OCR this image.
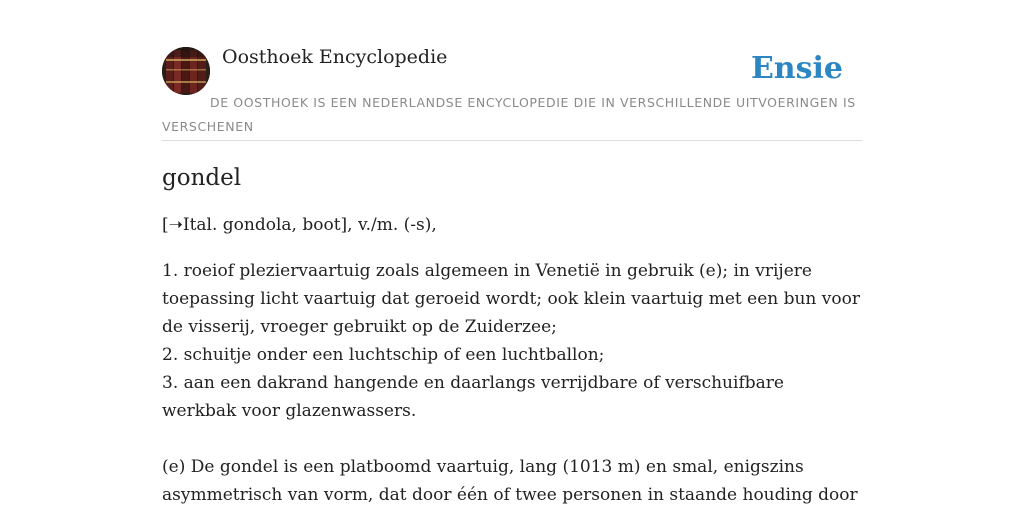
Oosthoek Encyclopedie	Ensie
DE OOSTHOEK IS EEN NEDERLANDSE ENCYCLOPEDIE DIE IN VERSCHILLENDE UITVOERINGEN IS VERSCHENEN
gondel

[➝Ital. gondola, boot], v./m. (-s),

1. roeiof pleziervaartuig zoals algemeen in Venetië in gebruik (e); in vrijere toepassing licht vaartuig dat geroeid wordt; ook klein vaartuig met een bun voor de visserij, vroeger gebruikt op de Zuiderzee;
2. schuitje onder een luchtschip of een luchtballon;
3. aan een dakrand hangende en daarlangs verrijdbare of verschuifbare werkbak voor glazenwassers.

(e) De gondel is een platboomd vaartuig, lang (1013 m) en smal, enigszins asymmetrisch van vorm, dat door één of twee personen in staande houding door
